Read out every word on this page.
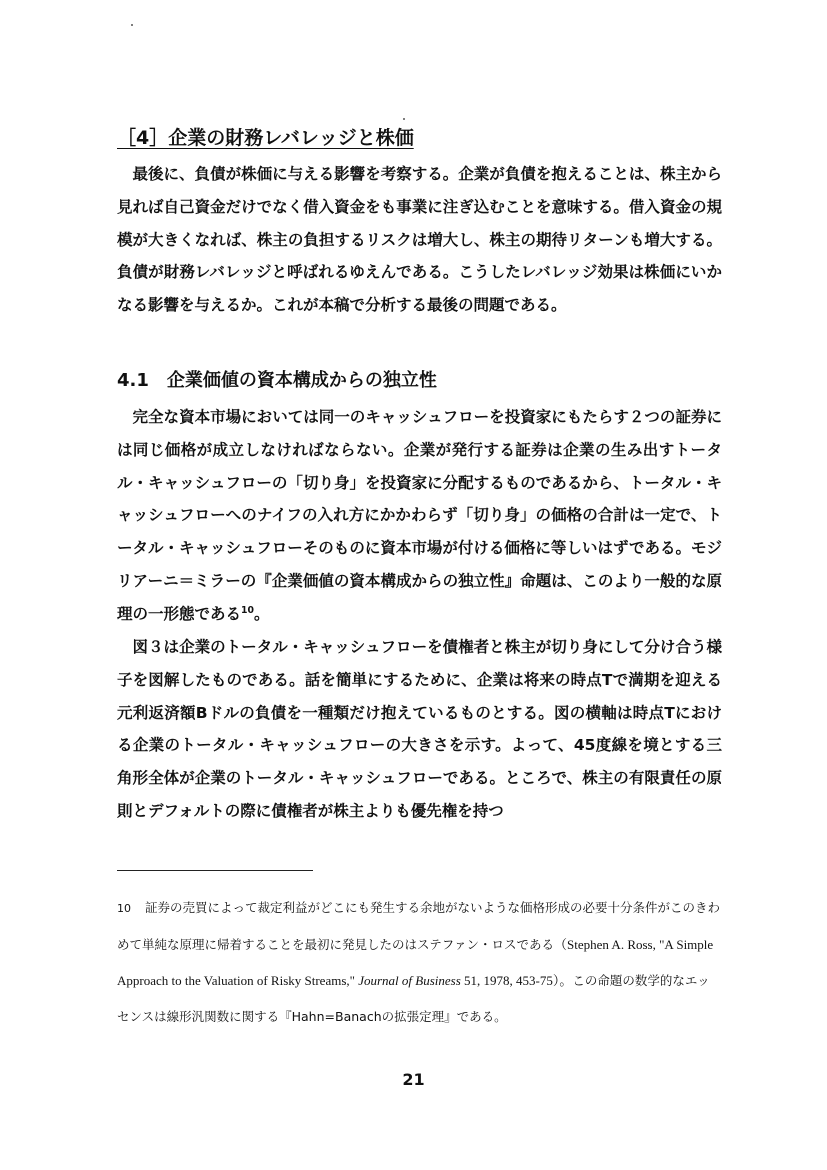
［4］企業の財務レバレッジと株価

最後に、負債が株価に与える影響を考察する。企業が負債を抱えることは、株主から見れば自己資金だけでなく借入資金をも事業に注ぎ込むことを意味する。借入資金の規模が大きくなれば、株主の負担するリスクは増大し、株主の期待リターンも増大する。負債が財務レバレッジと呼ばれるゆえんである。こうしたレバレッジ効果は株価にいかなる影響を与えるか。これが本稿で分析する最後の問題である。

4.1　企業価値の資本構成からの独立性

完全な資本市場においては同一のキャッシュフローを投資家にもたらす２つの証券には同じ価格が成立しなければならない。企業が発行する証券は企業の生み出すトータル・キャッシュフローの「切り身」を投資家に分配するものであるから、トータル・キャッシュフローへのナイフの入れ方にかかわらず「切り身」の価格の合計は一定で、トータル・キャッシュフローそのものに資本市場が付ける価格に等しいはずである。モジリアーニ＝ミラーの『企業価値の資本構成からの独立性』命題は、このより一般的な原理の一形態である$^{10}$。

図３は企業のトータル・キャッシュフローを債権者と株主が切り身にして分け合う様子を図解したものである。話を簡単にするために、企業は将来の時点Tで満期を迎える元利返済額Bドルの負債を一種類だけ抱えているものとする。図の横軸は時点Tにおける企業のトータル・キャッシュフローの大きさを示す。よって、45度線を境とする三角形全体が企業のトータル・キャッシュフローである。ところで、株主の有限責任の原則とデフォルトの際に債権者が株主よりも優先権を持つ

10 証券の売買によって裁定利益がどこにも発生する余地がないような価格形成の必要十分条件がこのきわめて単純な原理に帰着することを最初に発見したのはステファン・ロスである（Stephen A. Ross, "A Simple Approach to the Valuation of Risky Streams," Journal of Business 51, 1978, 453-75）。この命題の数学的なエッセンスは線形汎関数に関する『Hahn=Banachの拡張定理』である。

21
